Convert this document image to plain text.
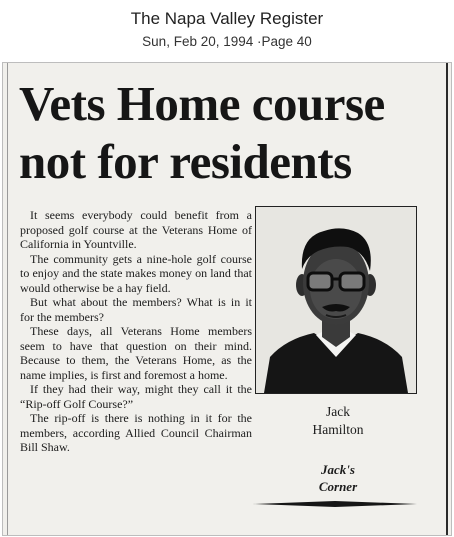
The Napa Valley Register
Sun, Feb 20, 1994 ·Page 40
Vets Home course
not for residents

It seems everybody could benefit from a proposed golf course at the Veterans Home of California in Yountville.

The community gets a nine-hole golf course to enjoy and the state makes money on land that would otherwise be a hay field.

But what about the members? What is in it for the members?

These days, all Veterans Home members seem to have that question on their mind. Because to them, the Veterans Home, as the name implies, is first and foremost a home.

If they had their way, might they call it the “Rip-off Golf Course?”

The rip-off is there is nothing in it for the members, according Allied Council Chairman Bill Shaw.

Jack
Hamilton
Jack's
Corner
